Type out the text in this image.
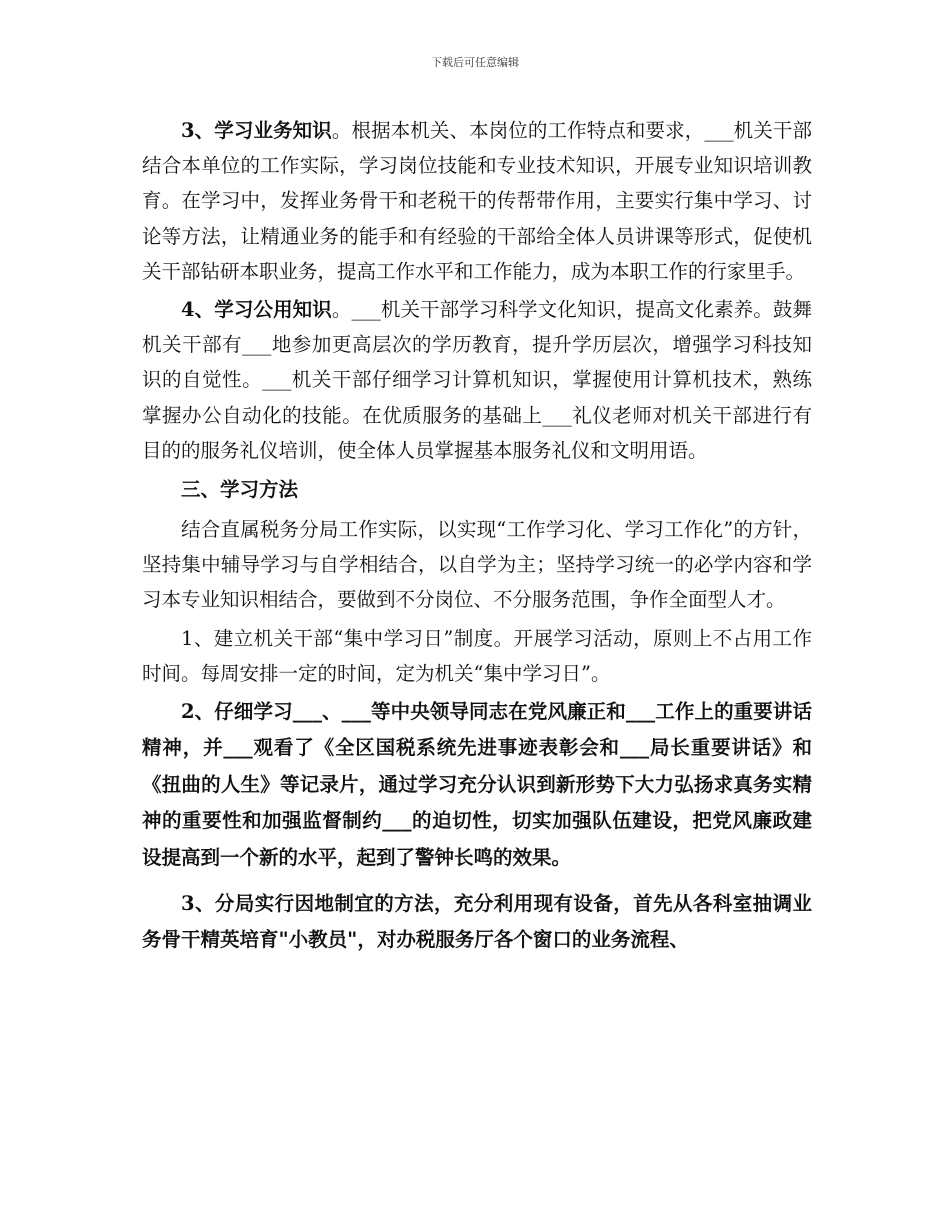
下载后可任意编辑

3、学习业务知识。根据本机关、本岗位的工作特点和要求，___机关干部结合本单位的工作实际，学习岗位技能和专业技术知识，开展专业知识培训教育。在学习中，发挥业务骨干和老税干的传帮带作用，主要实行集中学习、讨论等方法，让精通业务的能手和有经验的干部给全体人员讲课等形式，促使机关干部钻研本职业务，提高工作水平和工作能力，成为本职工作的行家里手。

4、学习公用知识。___机关干部学习科学文化知识，提高文化素养。鼓舞机关干部有___地参加更高层次的学历教育，提升学历层次，增强学习科技知识的自觉性。___机关干部仔细学习计算机知识，掌握使用计算机技术，熟练掌握办公自动化的技能。在优质服务的基础上___礼仪老师对机关干部进行有目的的服务礼仪培训，使全体人员掌握基本服务礼仪和文明用语。

三、学习方法

结合直属税务分局工作实际，以实现“工作学习化、学习工作化”的方针，坚持集中辅导学习与自学相结合，以自学为主；坚持学习统一的必学内容和学习本专业知识相结合，要做到不分岗位、不分服务范围，争作全面型人才。

1、建立机关干部“集中学习日”制度。开展学习活动，原则上不占用工作时间。每周安排一定的时间，定为机关“集中学习日”。

2、仔细学习___、___等中央领导同志在党风廉正和___工作上的重要讲话精神，并___观看了《全区国税系统先进事迹表彰会和___局长重要讲话》和《扭曲的人生》等记录片，通过学习充分认识到新形势下大力弘扬求真务实精神的重要性和加强监督制约___的迫切性，切实加强队伍建设，把党风廉政建设提高到一个新的水平，起到了警钟长鸣的效果。

3、分局实行因地制宜的方法，充分利用现有设备，首先从各科室抽调业务骨干精英培育"小教员"，对办税服务厅各个窗口的业务流程、
